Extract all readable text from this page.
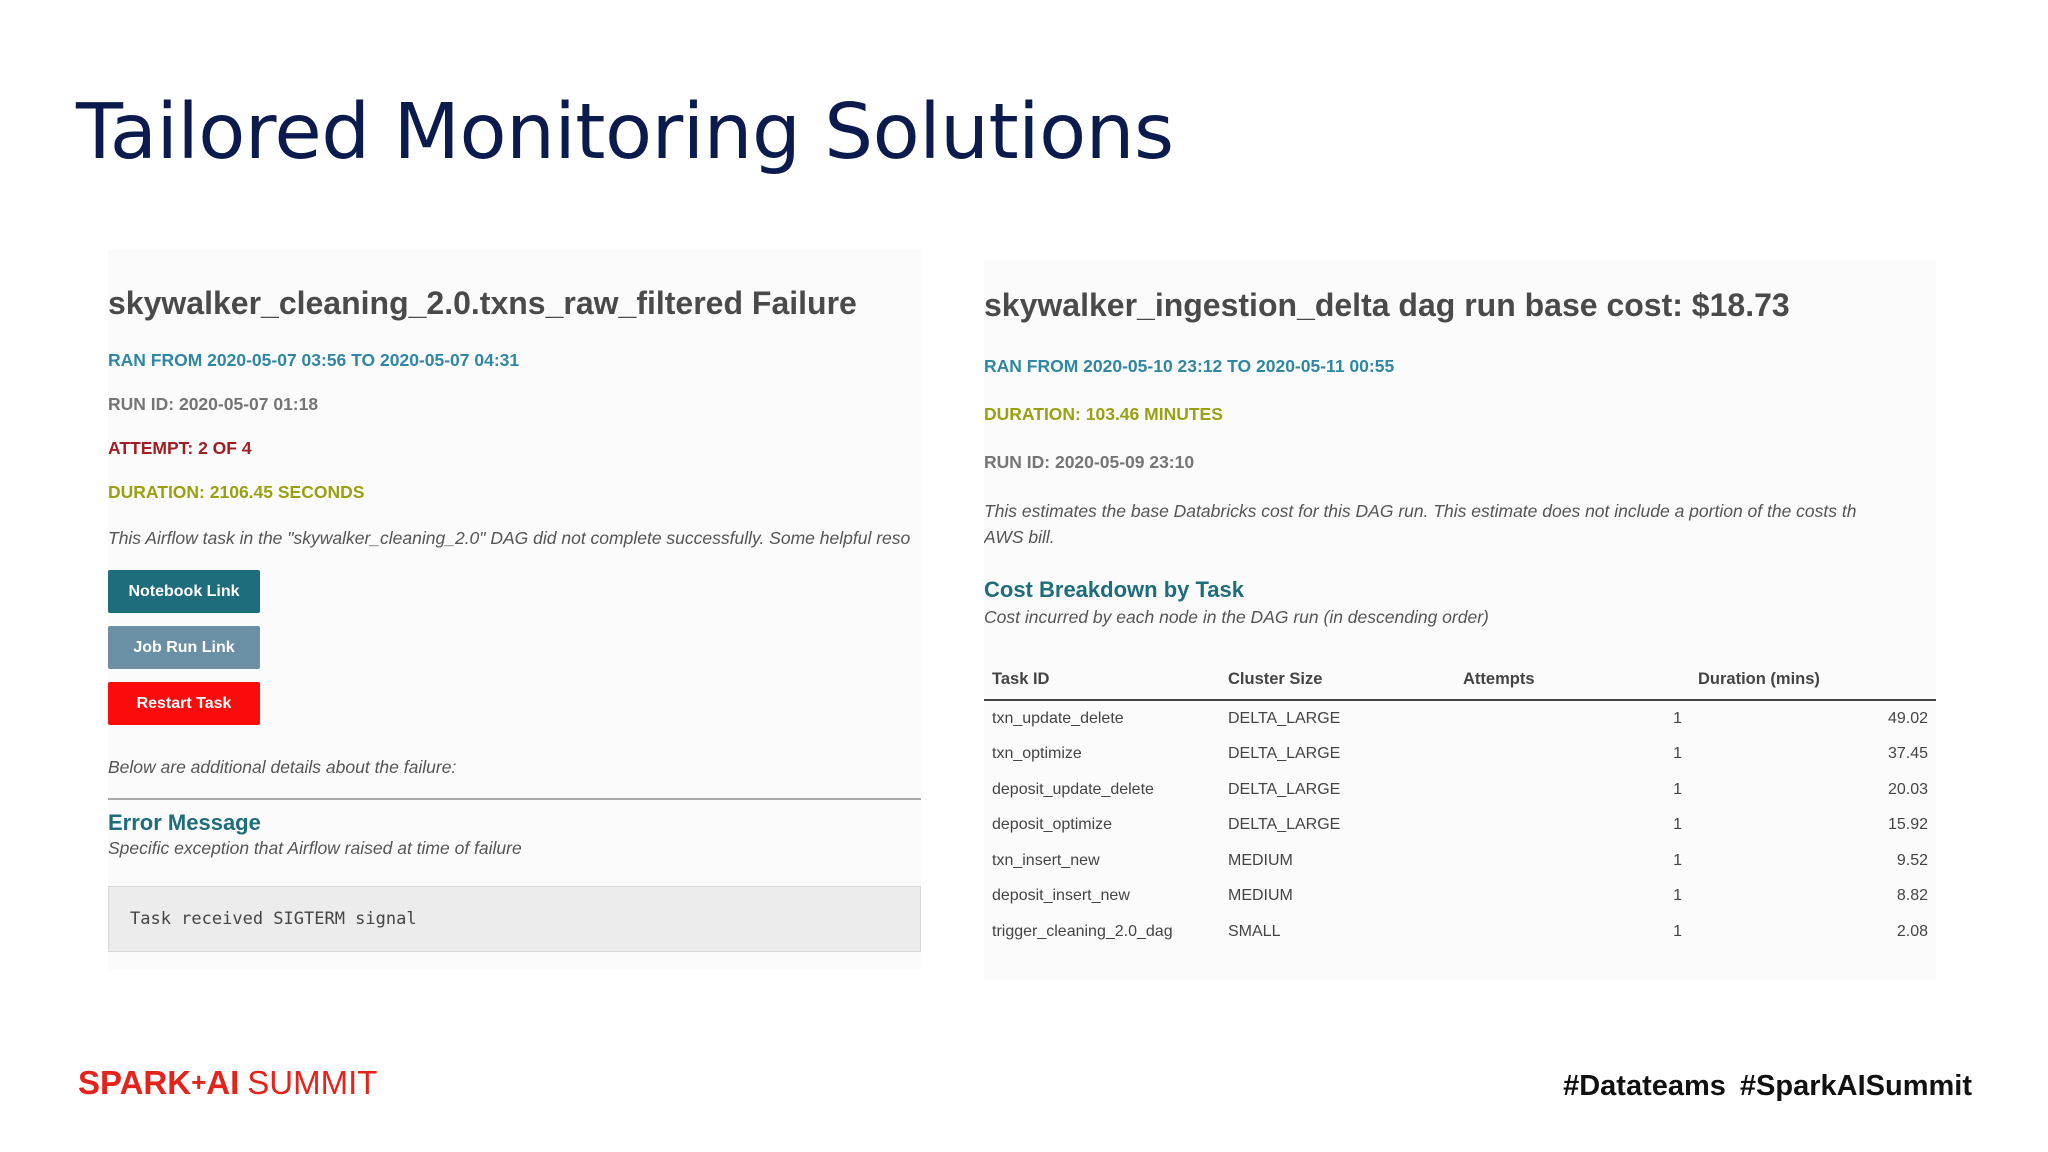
Tailored Monitoring Solutions
skywalker_cleaning_2.0.txns_raw_filtered Failure
RAN FROM 2020-05-07 03:56 TO 2020-05-07 04:31
RUN ID: 2020-05-07 01:18
ATTEMPT: 2 OF 4
DURATION: 2106.45 SECONDS
This Airflow task in the "skywalker_cleaning_2.0" DAG did not complete successfully. Some helpful reso
Notebook Link
Job Run Link
Restart Task
Below are additional details about the failure:
Error Message
Specific exception that Airflow raised at time of failure
Task received SIGTERM signal
skywalker_ingestion_delta dag run base cost: $18.73
RAN FROM 2020-05-10 23:12 TO 2020-05-11 00:55
DURATION: 103.46 MINUTES
RUN ID: 2020-05-09 23:10
This estimates the base Databricks cost for this DAG run. This estimate does not include a portion of the costs th
AWS bill.
Cost Breakdown by Task
Cost incurred by each node in the DAG run (in descending order)
Task ID	Cluster Size	Attempts	Duration (mins)
txn_update_delete	DELTA_LARGE	1	49.02
txn_optimize	DELTA_LARGE	1	37.45
deposit_update_delete	DELTA_LARGE	1	20.03
deposit_optimize	DELTA_LARGE	1	15.92
txn_insert_new	MEDIUM	1	9.52
deposit_insert_new	MEDIUM	1	8.82
trigger_cleaning_2.0_dag	SMALL	1	2.08
SPARK+AI SUMMIT	#Datateams #SparkAISummit
